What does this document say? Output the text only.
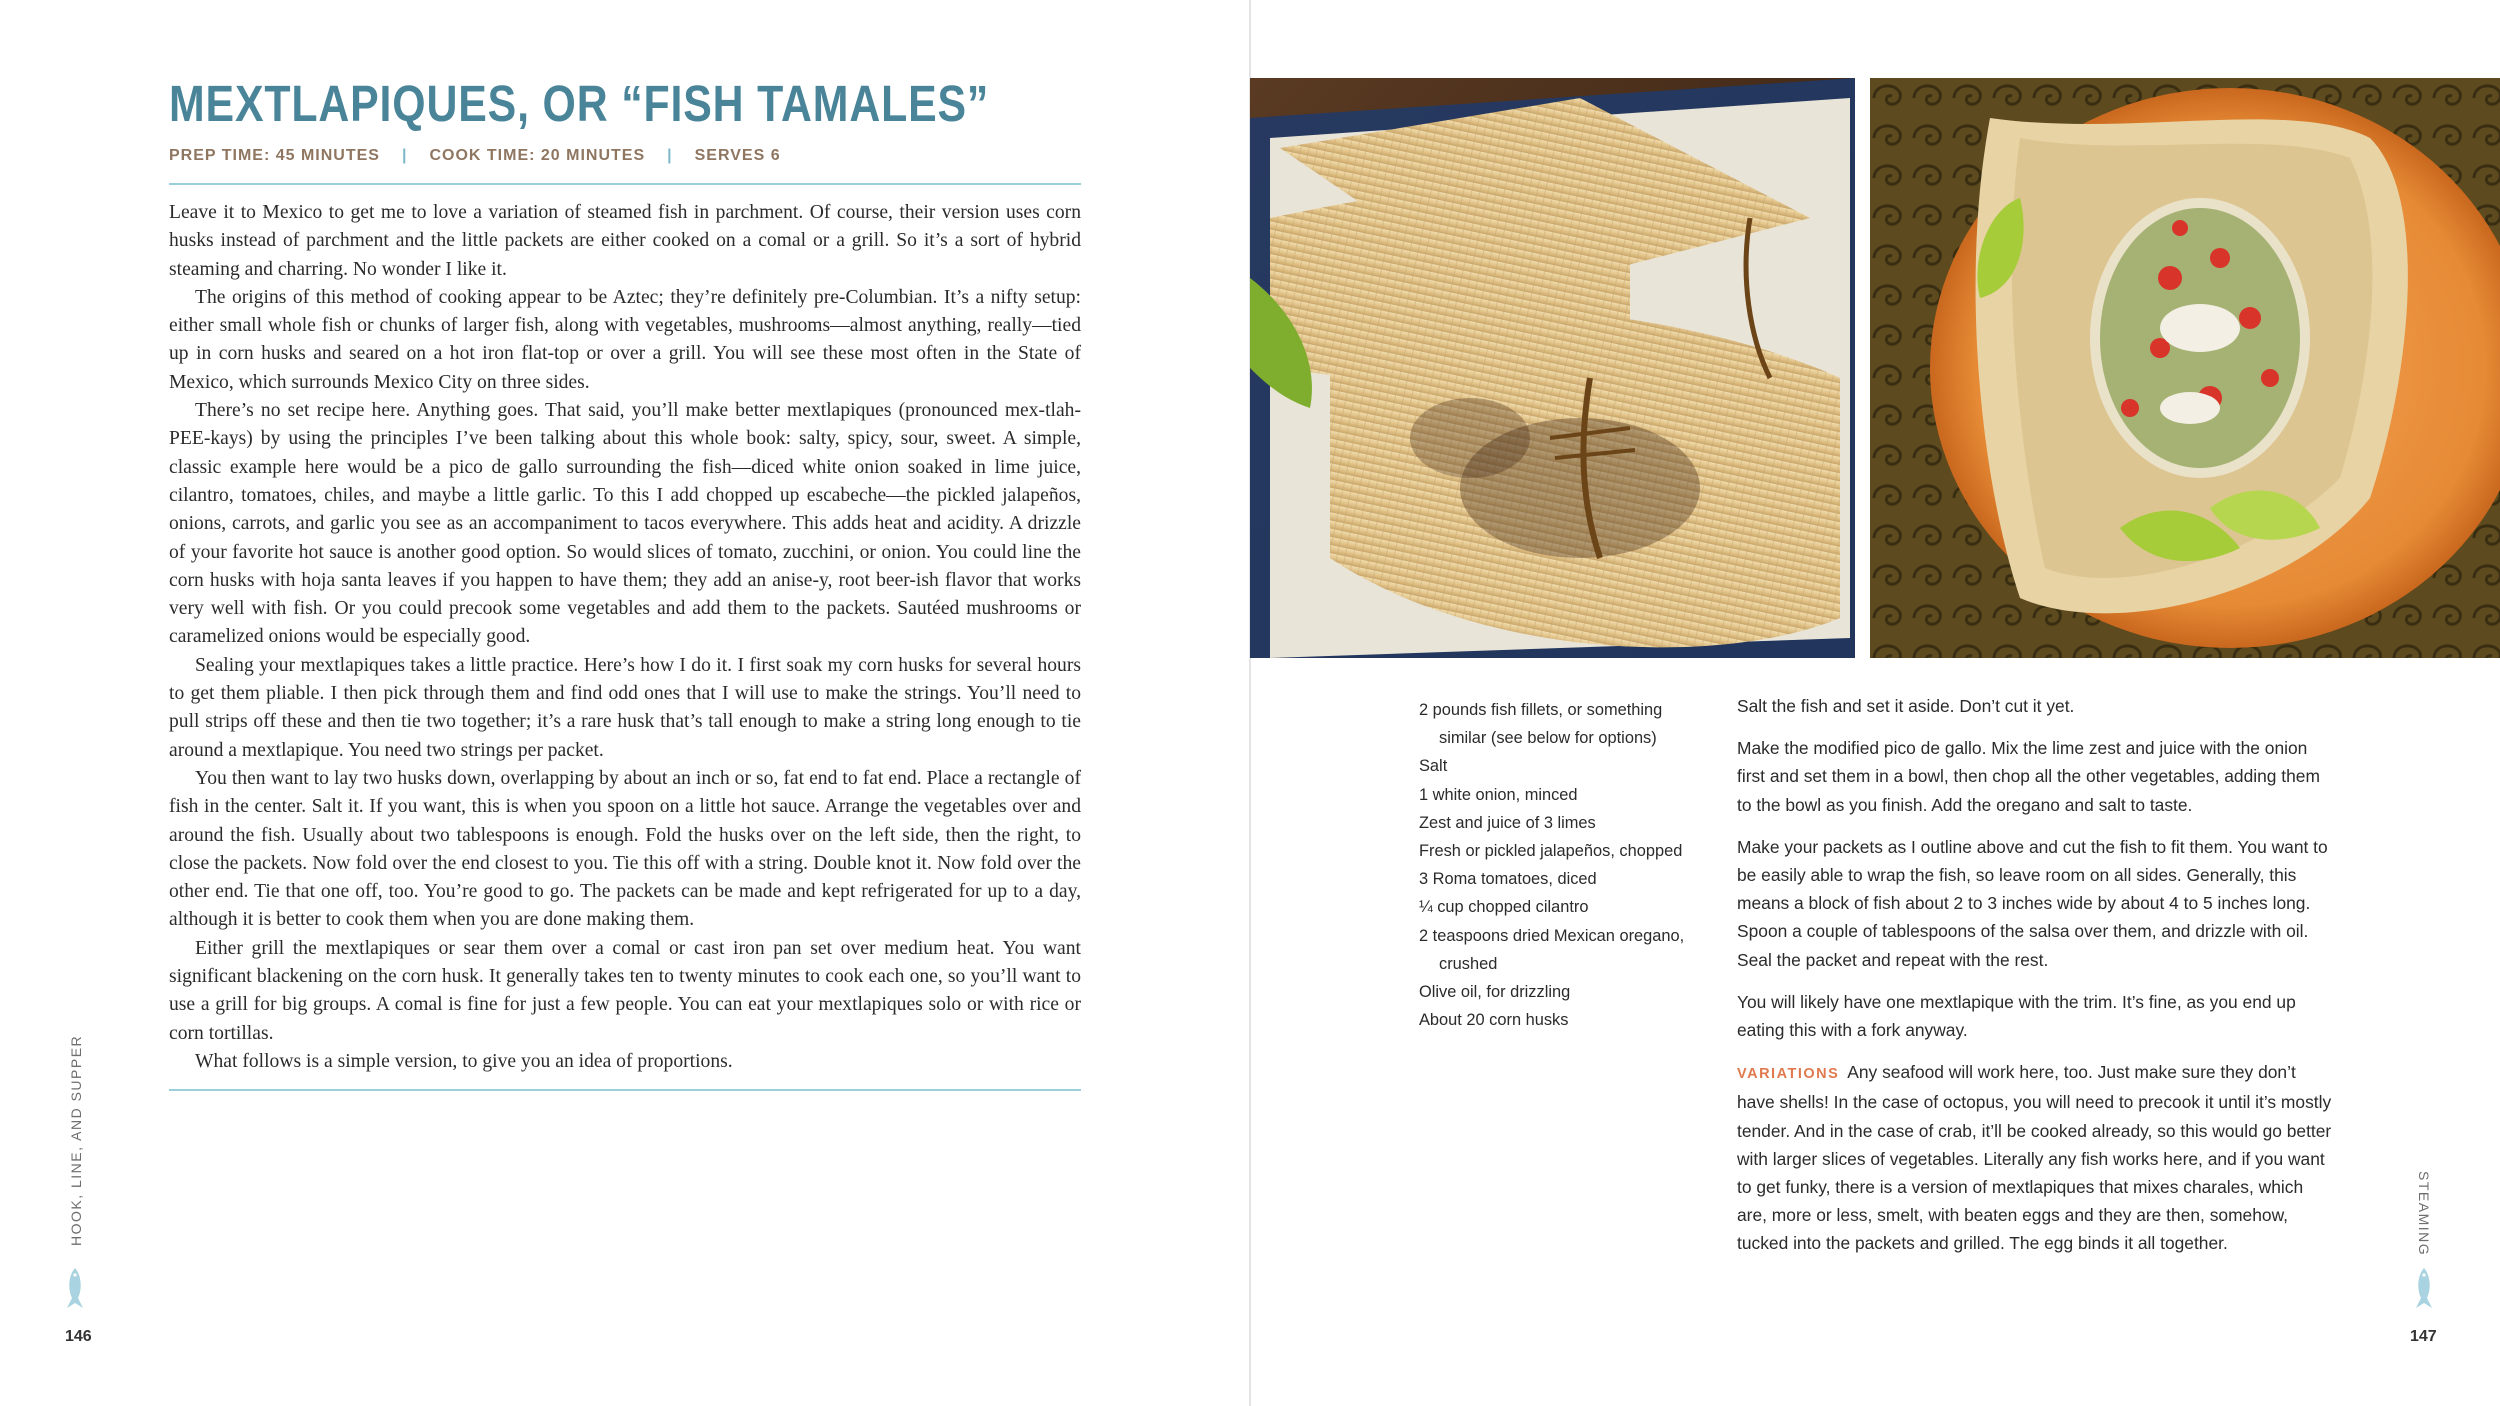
MEXTLAPIQUES, OR “FISH TAMALES”
PREP TIME: 45 MINUTES | COOK TIME: 20 MINUTES | SERVES 6

Leave it to Mexico to get me to love a variation of steamed fish in parchment. Of course, their version uses corn husks instead of parchment and the little packets are either cooked on a comal or a grill. So it’s a sort of hybrid steaming and charring. No wonder I like it.

The origins of this method of cooking appear to be Aztec; they’re definitely pre-Columbian. It’s a nifty setup: either small whole fish or chunks of larger fish, along with vegetables, mushrooms—almost anything, really—tied up in corn husks and seared on a hot iron flat-top or over a grill. You will see these most often in the State of Mexico, which surrounds Mexico City on three sides.

There’s no set recipe here. Anything goes. That said, you’ll make better mextlapiques (pronounced mex-tlah-PEE-kays) by using the principles I’ve been talking about this whole book: salty, spicy, sour, sweet. A simple, classic example here would be a pico de gallo surrounding the fish—diced white onion soaked in lime juice, cilantro, tomatoes, chiles, and maybe a little garlic. To this I add chopped up escabeche—the pickled jalapeños, onions, carrots, and garlic you see as an accompaniment to tacos everywhere. This adds heat and acidity. A drizzle of your favorite hot sauce is another good option. So would slices of tomato, zucchini, or onion. You could line the corn husks with hoja santa leaves if you happen to have them; they add an anise-y, root beer-ish flavor that works very well with fish. Or you could precook some vegetables and add them to the packets. Sautéed mushrooms or caramelized onions would be especially good.

Sealing your mextlapiques takes a little practice. Here’s how I do it. I first soak my corn husks for several hours to get them pliable. I then pick through them and find odd ones that I will use to make the strings. You’ll need to pull strips off these and then tie two together; it’s a rare husk that’s tall enough to make a string long enough to tie around a mextlapique. You need two strings per packet.

You then want to lay two husks down, overlapping by about an inch or so, fat end to fat end. Place a rectangle of fish in the center. Salt it. If you want, this is when you spoon on a little hot sauce. Arrange the vegetables over and around the fish. Usually about two tablespoons is enough. Fold the husks over on the left side, then the right, to close the packets. Now fold over the end closest to you. Tie this off with a string. Double knot it. Now fold over the other end. Tie that one off, too. You’re good to go. The packets can be made and kept refrigerated for up to a day, although it is better to cook them when you are done making them.

Either grill the mextlapiques or sear them over a comal or cast iron pan set over medium heat. You want significant blackening on the corn husk. It generally takes ten to twenty minutes to cook each one, so you’ll want to use a grill for big groups. A comal is fine for just a few people. You can eat your mextlapiques solo or with rice or corn tortillas.

What follows is a simple version, to give you an idea of proportions.

HOOK, LINE, AND SUPPER
146
2 pounds fish fillets, or something similar (see below for options)
Salt
1 white onion, minced
Zest and juice of 3 limes
Fresh or pickled jalapeños, chopped
3 Roma tomatoes, diced
¼ cup chopped cilantro
2 teaspoons dried Mexican oregano, crushed
Olive oil, for drizzling
About 20 corn husks

Salt the fish and set it aside. Don’t cut it yet.

Make the modified pico de gallo. Mix the lime zest and juice with the onion first and set them in a bowl, then chop all the other vegetables, adding them to the bowl as you finish. Add the oregano and salt to taste.

Make your packets as I outline above and cut the fish to fit them. You want to be easily able to wrap the fish, so leave room on all sides. Generally, this means a block of fish about 2 to 3 inches wide by about 4 to 5 inches long. Spoon a couple of tablespoons of the salsa over them, and drizzle with oil. Seal the packet and repeat with the rest.

You will likely have one mextlapique with the trim. It’s fine, as you end up eating this with a fork anyway.

VARIATIONS Any seafood will work here, too. Just make sure they don’t have shells! In the case of octopus, you will need to precook it until it’s mostly tender. And in the case of crab, it’ll be cooked already, so this would go better with larger slices of vegetables. Literally any fish works here, and if you want to get funky, there is a version of mextlapiques that mixes charales, which are, more or less, smelt, with beaten eggs and they are then, somehow, tucked into the packets and grilled. The egg binds it all together.	STEAMING
147
